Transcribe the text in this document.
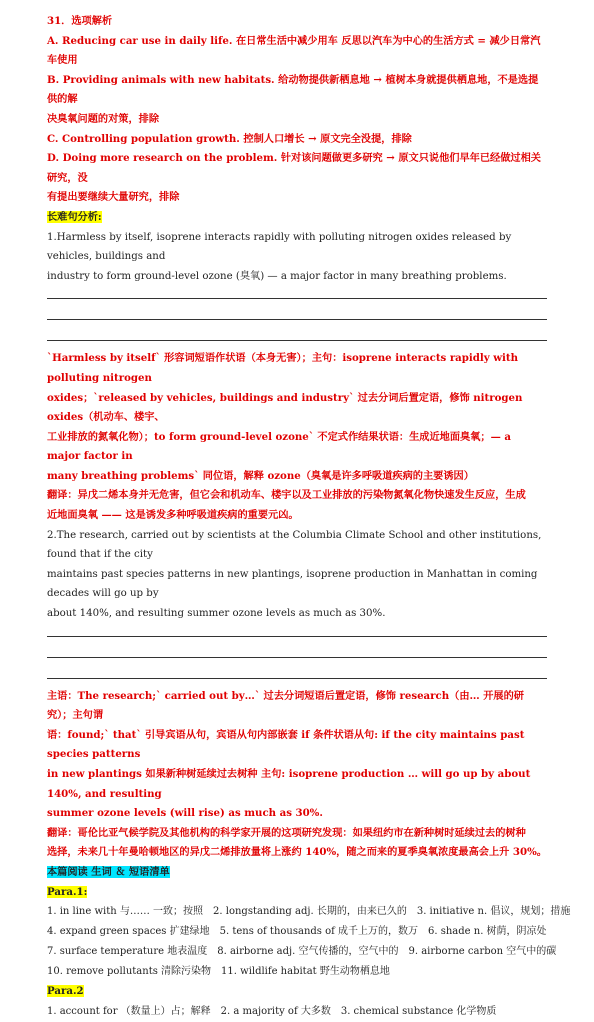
31．选项解析
A. Reducing car use in daily life. 在日常生活中减少用车 反思以汽车为中心的生活方式 = 减少日常汽车使用
B. Providing animals with new habitats. 给动物提供新栖息地 → 植树本身就提供栖息地，不是选提供的解
决臭氧问题的对策，排除
C. Controlling population growth. 控制人口增长 → 原文完全没提，排除
D. Doing more research on the problem. 针对该问题做更多研究 → 原文只说他们早年已经做过相关研究，没
有提出要继续大量研究，排除
长难句分析:
1.Harmless by itself, isoprene interacts rapidly with polluting nitrogen oxides released by vehicles, buildings and
industry to form ground-level ozone (臭氧) — a major factor in many breathing problems.
`Harmless by itself` 形容词短语作状语（本身无害）；主句：isoprene interacts rapidly with polluting nitrogen
oxides；`released by vehicles, buildings and industry` 过去分词后置定语，修饰 nitrogen oxides（机动车、楼宇、
工业排放的氮氧化物）；to form ground-level ozone` 不定式作结果状语：生成近地面臭氧；— a major factor in
many breathing problems` 同位语，解释 ozone（臭氧是许多呼吸道疾病的主要诱因）
翻译：异戊二烯本身并无危害，但它会和机动车、楼宇以及工业排放的污染物氮氧化物快速发生反应，生成
近地面臭氧 —— 这是诱发多种呼吸道疾病的重要元凶。
2.The research, carried out by scientists at the Columbia Climate School and other institutions, found that if the city
maintains past species patterns in new plantings, isoprene production in Manhattan in coming decades will go up by
about 140%, and resulting summer ozone levels as much as 30%.
主语：The research;` carried out by…` 过去分词短语后置定语，修饰 research（由… 开展的研究）；主句谓
语：found;` that` 引导宾语从句，宾语从句内部嵌套 if 条件状语从句: if the city maintains past species patterns
in new plantings 如果新种树延续过去树种 主句: isoprene production … will go up by about 140%, and resulting
summer ozone levels (will rise) as much as 30%.
翻译：哥伦比亚气候学院及其他机构的科学家开展的这项研究发现：如果纽约市在新种树时延续过去的树种
选择，未来几十年曼哈顿地区的异戊二烯排放量将上涨约 140%，随之而来的夏季臭氧浓度最高会上升 30%。
本篇阅读 生词 ＆ 短语清单
Para.1:
1. in line with 与…… 一致；按照 2. longstanding adj. 长期的，由来已久的 3. initiative n. 倡议，规划；措施
4. expand green spaces 扩建绿地 5. tens of thousands of 成千上万的，数万 6. shade n. 树荫，阴凉处
7. surface temperature 地表温度 8. airborne adj. 空气传播的，空气中的 9. airborne carbon 空气中的碳
10. remove pollutants 清除污染物 11. wildlife habitat 野生动物栖息地
Para.2
1. account for （数量上）占；解释 2. a majority of 大多数 3. chemical substance 化学物质
